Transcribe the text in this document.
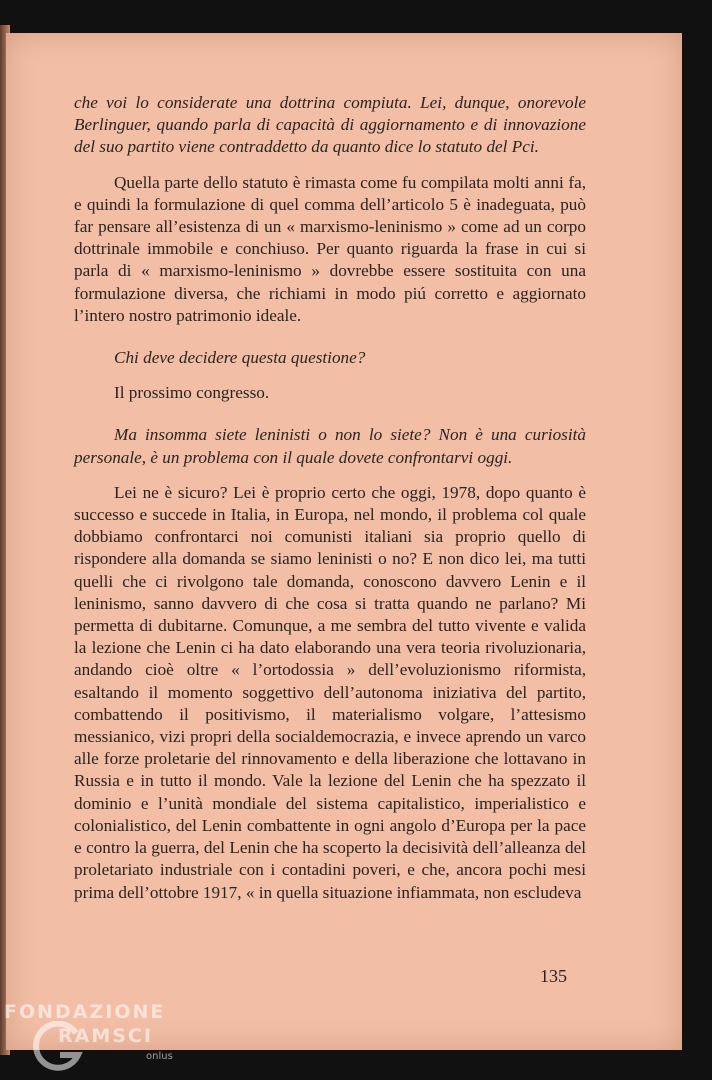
che voi lo considerate una dottrina compiuta. Lei, dunque, onorevole Berlinguer, quando parla di capacità di aggiornamento e di innovazione del suo partito viene contraddetto da quanto dice lo statuto del Pci.

Quella parte dello statuto è rimasta come fu compilata molti anni fa, e quindi la formulazione di quel comma dell’articolo 5 è inadeguata, può far pensare all’esistenza di un « marxismo-leninismo » come ad un corpo dottrinale immobile e conchiuso. Per quanto riguarda la frase in cui si parla di « marxismo-leninismo » dovrebbe essere sostituita con una formulazione diversa, che richiami in modo piú corretto e aggiornato l’intero nostro patrimonio ideale.

Chi deve decidere questa questione?

Il prossimo congresso.

Ma insomma siete leninisti o non lo siete? Non è una curiosità personale, è un problema con il quale dovete confrontarvi oggi.

Lei ne è sicuro? Lei è proprio certo che oggi, 1978, dopo quanto è successo e succede in Italia, in Europa, nel mondo, il problema col quale dobbiamo confrontarci noi comunisti italiani sia proprio quello di rispondere alla domanda se siamo leninisti o no? E non dico lei, ma tutti quelli che ci rivolgono tale domanda, conoscono davvero Lenin e il leninismo, sanno davvero di che cosa si tratta quando ne parlano? Mi permetta di dubitarne. Comunque, a me sembra del tutto vivente e valida la lezione che Lenin ci ha dato elaborando una vera teoria rivoluzionaria, andando cioè oltre « l’ortodossia » dell’evoluzionismo riformista, esaltando il momento soggettivo dell’autonoma iniziativa del partito, combattendo il positivismo, il materialismo volgare, l’attesismo messianico, vizi propri della socialdemocrazia, e invece aprendo un varco alle forze proletarie del rinnovamento e della liberazione che lottavano in Russia e in tutto il mondo. Vale la lezione del Lenin che ha spezzato il dominio e l’unità mondiale del sistema capitalistico, imperialistico e colonialistico, del Lenin combattente in ogni angolo d’Europa per la pace e contro la guerra, del Lenin che ha scoperto la decisività dell’alleanza del proletariato industriale con i contadini poveri, e che, ancora pochi mesi prima dell’ottobre 1917, « in quella situazione infiammata, non escludeva

135
FONDAZIONE
RAMSCI
onlus
